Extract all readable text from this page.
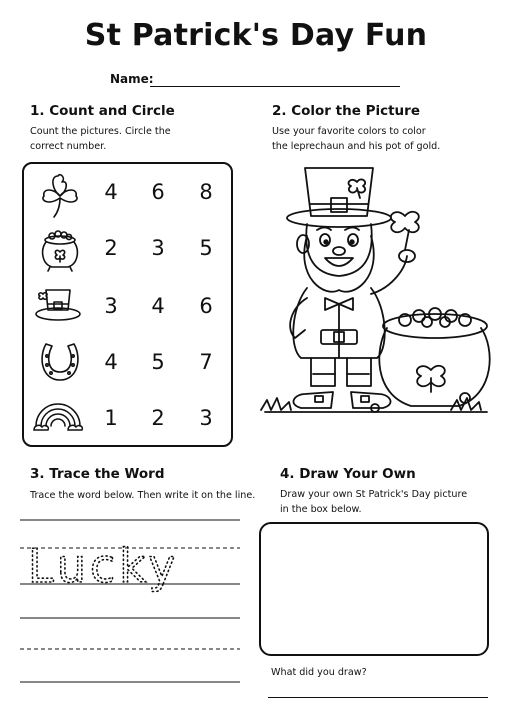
St Patrick's Day Fun
Name:
1. Count and Circle
Count the pictures. Circle the
correct number.
4 6 8
2 3 5
3 4 6
4 5 7
1 2 3
2. Color the Picture
Use your favorite colors to color
the leprechaun and his pot of gold.
3. Trace the Word
Trace the word below. Then write it on the line.
Lucky
4. Draw Your Own
Draw your own St Patrick's Day picture
in the box below.
What did you draw?
